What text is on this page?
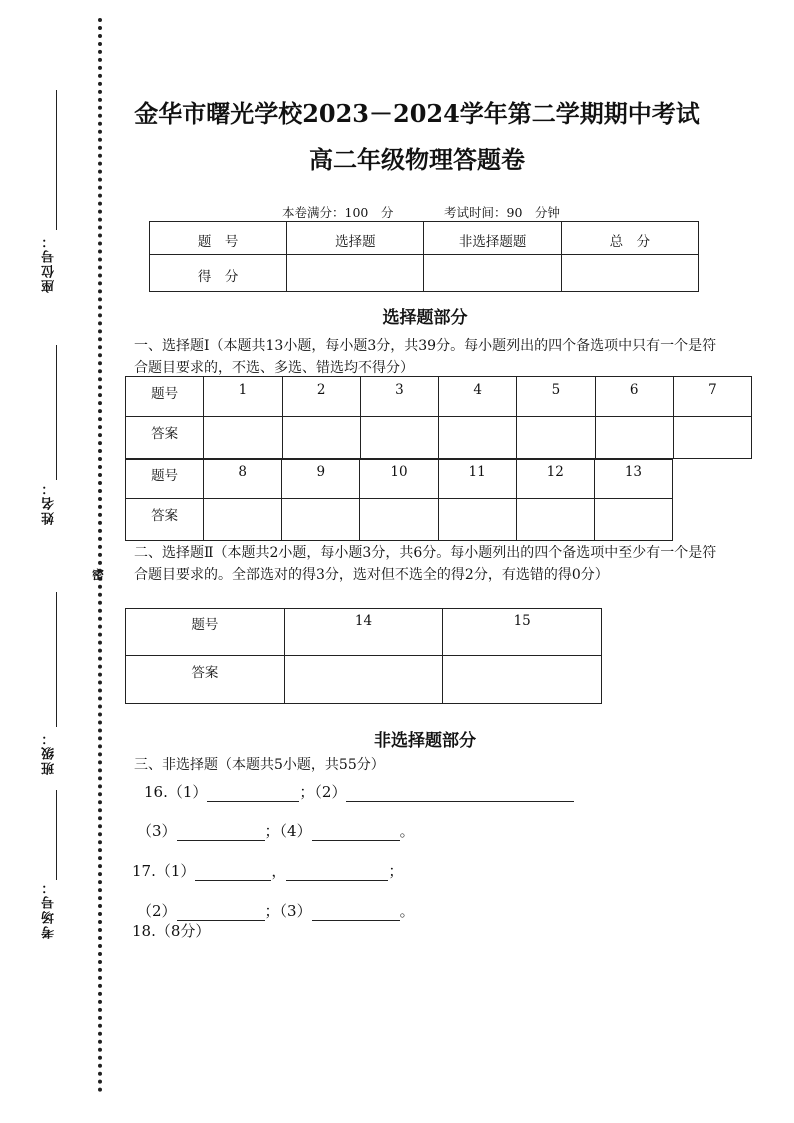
座位号：
姓名：
密
班级：
考场号：
金华市曙光学校2023－2024学年第二学期期中考试
高二年级物理答题卷
本卷满分：100　分	考试时间：90　分钟
题　号	选择题	非选择题题	总　分
得　分			
选择题部分
一、选择题Ⅰ（本题共13小题，每小题3分，共39分。每小题列出的四个备选项中只有一个是符合题目要求的，不选、多选、错选均不得分）
题号	1	2	3	4	5	6	7
答案							
题号	8	9	10	11	12	13
答案						
二、选择题Ⅱ（本题共2小题，每小题3分，共6分。每小题列出的四个备选项中至少有一个是符合题目要求的。全部选对的得3分，选对但不选全的得2分，有选错的得0分）
题号	14	15
答案		
非选择题部分
三、非选择题（本题共5小题，共55分）
16.（1）	；（2）
（3）	；（4）	。
17.（1）	，	；
（2）	；（3）	。
18.（8分）
